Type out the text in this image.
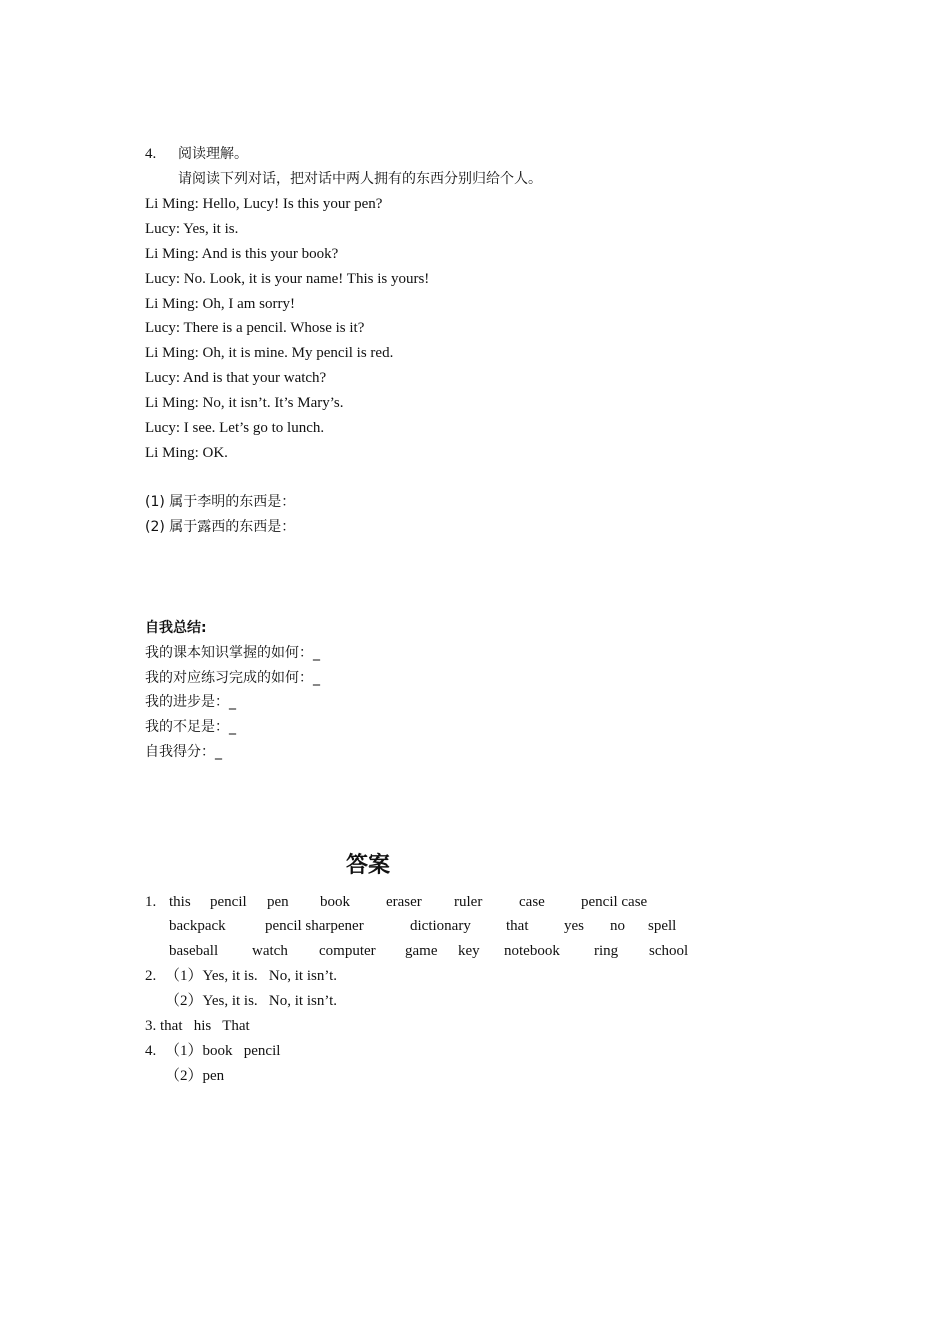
4. 阅读理解。
请阅读下列对话，把对话中两人拥有的东西分别归给个人。
Li Ming: Hello, Lucy! Is this your pen?
Lucy: Yes, it is.
Li Ming: And is this your book?
Lucy: No. Look, it is your name! This is yours!
Li Ming: Oh, I am sorry!
Lucy: There is a pencil. Whose is it?
Li Ming: Oh, it is mine. My pencil is red.
Lucy: And is that your watch?
Li Ming: No, it isn’t. It’s Mary’s.
Lucy: I see. Let’s go to lunch.
Li Ming: OK.
(1) 属于李明的东西是：
(2) 属于露西的东西是：
自我总结:
我的课本知识掌握的如何：_
我的对应练习完成的如何：_
我的进步是：_
我的不足是：_
自我得分：_
答案
1. this pencil pen book eraser ruler case pencil case
backpack	pencil sharpener	dictionary that yes no spell
baseball watch computer game key notebook ring school
2. （1）Yes, it is.   No, it isn’t.
（2）Yes, it is.   No, it isn’t.
3. that   his   That
4. （1）book   pencil
（2）pen
